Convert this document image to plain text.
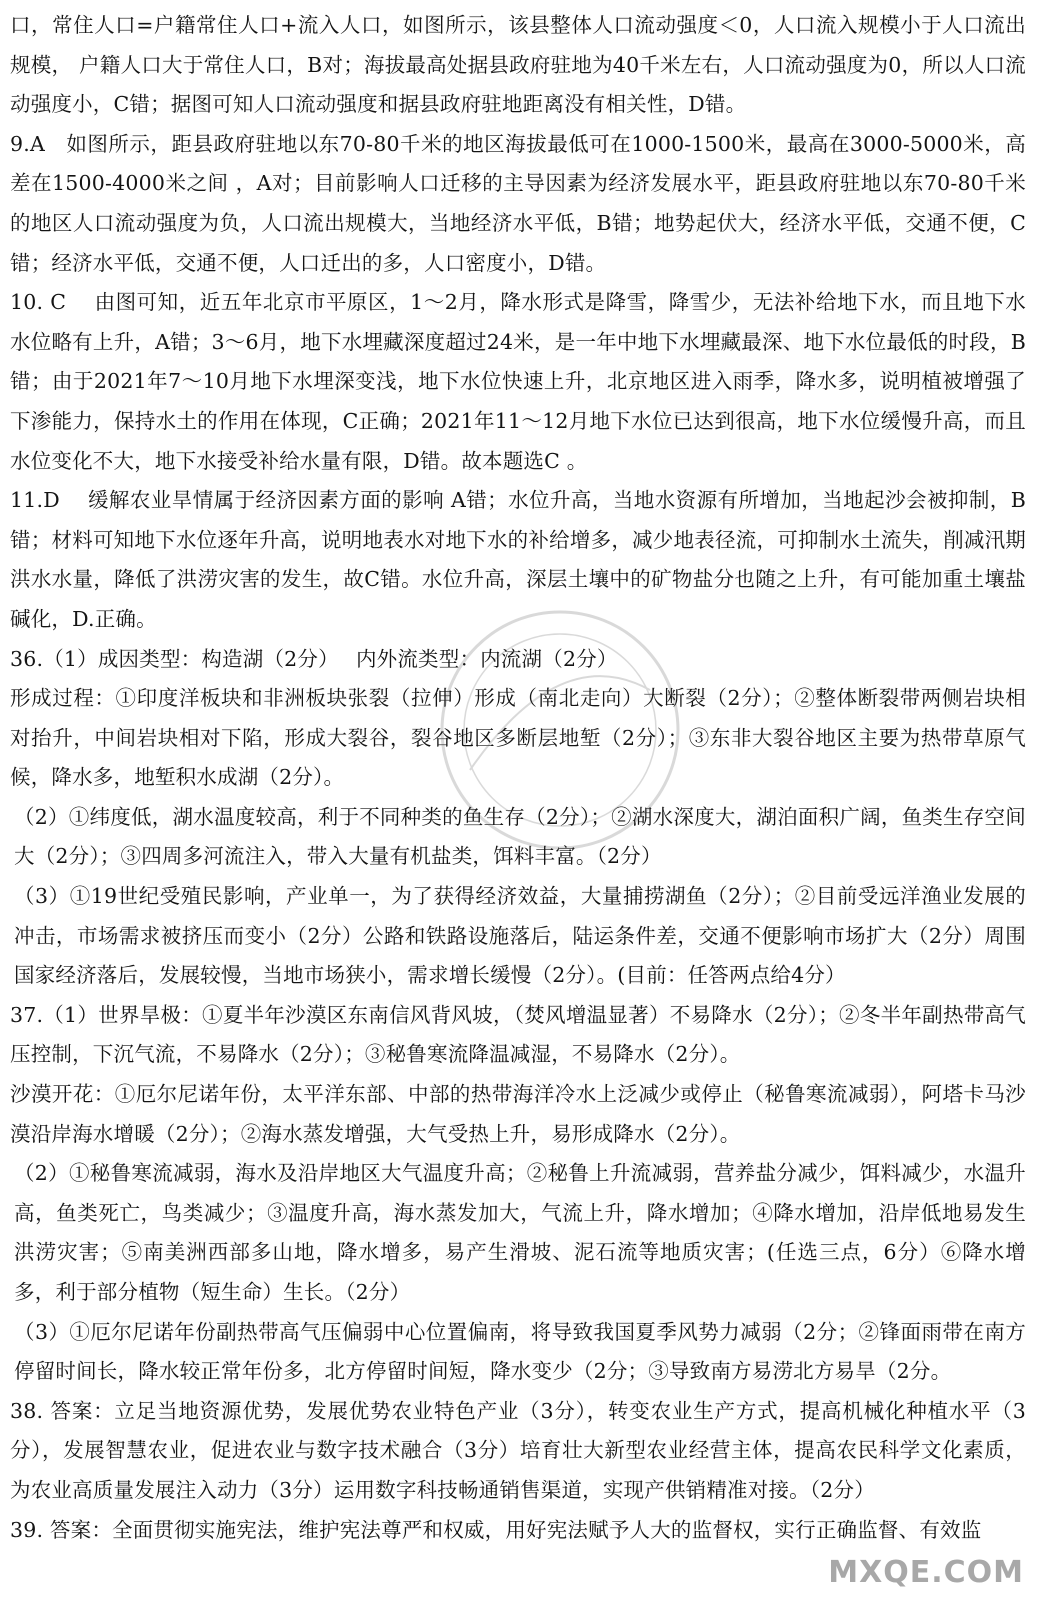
口，常住人口=户籍常住人口+流入人口，如图所示，该县整体人口流动强度＜0，人口流入规模小于人口流出规模， 户籍人口大于常住人口，B对；海拔最高处据县政府驻地为40千米左右，人口流动强度为0，所以人口流动强度小，C错；据图可知人口流动强度和据县政府驻地距离没有相关性，D错。

9.A　如图所示，距县政府驻地以东70-80千米的地区海拔最低可在1000-1500米，最高在3000-5000米，高差在1500-4000米之间 ，A对；目前影响人口迁移的主导因素为经济发展水平，距县政府驻地以东70-80千米的地区人口流动强度为负，人口流出规模大，当地经济水平低，B错；地势起伏大，经济水平低，交通不便，C错；经济水平低，交通不便，人口迁出的多，人口密度小，D错。

10. C　 由图可知，近五年北京市平原区，1～2月，降水形式是降雪，降雪少，无法补给地下水，而且地下水水位略有上升，A错；3～6月，地下水埋藏深度超过24米，是一年中地下水埋藏最深、地下水位最低的时段，B错；由于2021年7～10月地下水埋深变浅，地下水位快速上升，北京地区进入雨季，降水多，说明植被增强了下渗能力，保持水土的作用在体现，C正确；2021年11～12月地下水位已达到很高，地下水位缓慢升高，而且水位变化不大，地下水接受补给水量有限，D错。故本题选C 。

11.D　 缓解农业旱情属于经济因素方面的影响 A错；水位升高，当地水资源有所增加，当地起沙会被抑制，B错；材料可知地下水位逐年升高，说明地表水对地下水的补给增多，减少地表径流，可抑制水土流失，削减汛期洪水水量，降低了洪涝灾害的发生，故C错。水位升高，深层土壤中的矿物盐分也随之上升，有可能加重土壤盐碱化，D.正确。

36.（1）成因类型：构造湖（2分）　 内外流类型：内流湖（2分）

形成过程：①印度洋板块和非洲板块张裂（拉伸）形成（南北走向）大断裂（2分）；②整体断裂带两侧岩块相对抬升，中间岩块相对下陷，形成大裂谷，裂谷地区多断层地堑（2分）；③东非大裂谷地区主要为热带草原气候，降水多，地堑积水成湖（2分）。

（2）①纬度低，湖水温度较高，利于不同种类的鱼生存（2分）；②湖水深度大，湖泊面积广阔，鱼类生存空间大（2分）；③四周多河流注入，带入大量有机盐类，饵料丰富。（2分）

（3）①19世纪受殖民影响，产业单一，为了获得经济效益，大量捕捞湖鱼（2分）；②目前受远洋渔业发展的冲击，市场需求被挤压而变小（2分）公路和铁路设施落后，陆运条件差，交通不便影响市场扩大（2分）周围国家经济落后，发展较慢，当地市场狭小，需求增长缓慢（2分）。(目前：任答两点给4分）

37.（1）世界旱极：①夏半年沙漠区东南信风背风坡，（焚风增温显著）不易降水（2分）；②冬半年副热带高气压控制，下沉气流，不易降水（2分）；③秘鲁寒流降温减湿，不易降水（2分）。

沙漠开花：①厄尔尼诺年份，太平洋东部、中部的热带海洋冷水上泛减少或停止（秘鲁寒流减弱），阿塔卡马沙漠沿岸海水增暖（2分）；②海水蒸发增强，大气受热上升，易形成降水（2分）。

（2）①秘鲁寒流减弱，海水及沿岸地区大气温度升高；②秘鲁上升流减弱，营养盐分减少，饵料减少，水温升高，鱼类死亡，鸟类减少；③温度升高，海水蒸发加大，气流上升，降水增加；④降水增加，沿岸低地易发生洪涝灾害；⑤南美洲西部多山地，降水增多，易产生滑坡、泥石流等地质灾害；(任选三点，6分）⑥降水增多，利于部分植物（短生命）生长。（2分）

（3）①厄尔尼诺年份副热带高气压偏弱中心位置偏南，将导致我国夏季风势力减弱（2分；②锋面雨带在南方停留时间长，降水较正常年份多，北方停留时间短，降水变少（2分；③导致南方易涝北方易旱（2分。

38. 答案：立足当地资源优势，发展优势农业特色产业（3分），转变农业生产方式，提高机械化种植水平（3分），发展智慧农业，促进农业与数字技术融合（3分）培育壮大新型农业经营主体，提高农民科学文化素质，为农业高质量发展注入动力（3分）运用数字科技畅通销售渠道，实现产供销精准对接。（2分）

39. 答案：全面贯彻实施宪法，维护宪法尊严和权威，用好宪法赋予人大的监督权，实行正确监督、有效监

MXQE.COM
